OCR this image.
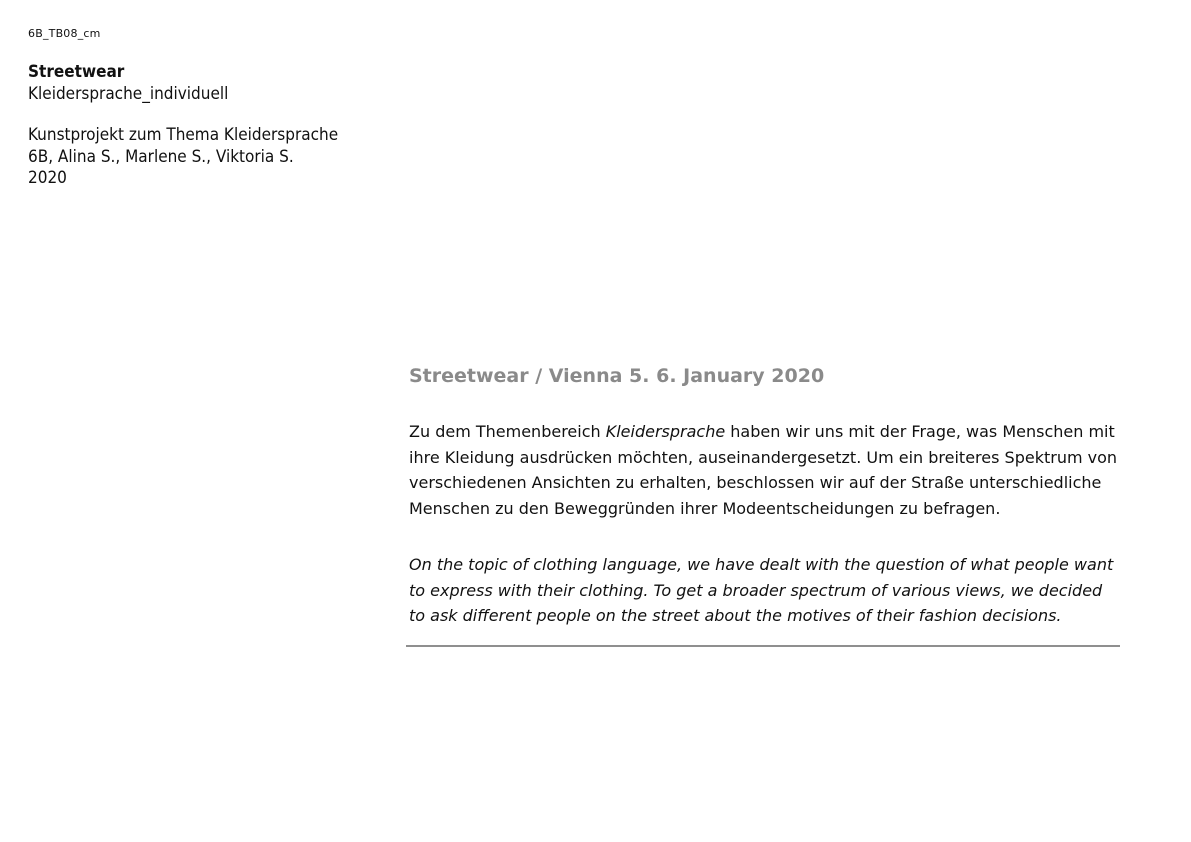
6B_TB08_cm
Streetwear
Kleidersprache_individuell
Kunstprojekt zum Thema Kleidersprache
6B, Alina S., Marlene S., Viktoria S.
2020
Streetwear / Vienna 5. 6. January 2020
Zu dem Themenbereich Kleidersprache haben wir uns mit der Frage, was Menschen mit ihre Kleidung ausdrücken möchten, auseinandergesetzt. Um ein breiteres Spektrum von verschiedenen Ansichten zu erhalten, beschlossen wir auf der Straße unterschiedliche Menschen zu den Beweggründen ihrer Modeentscheidungen zu befragen.
On the topic of clothing language, we have dealt with the question of what people want to express with their clothing. To get a broader spectrum of various views, we decided to ask different people on the street about the motives of their fashion decisions.
